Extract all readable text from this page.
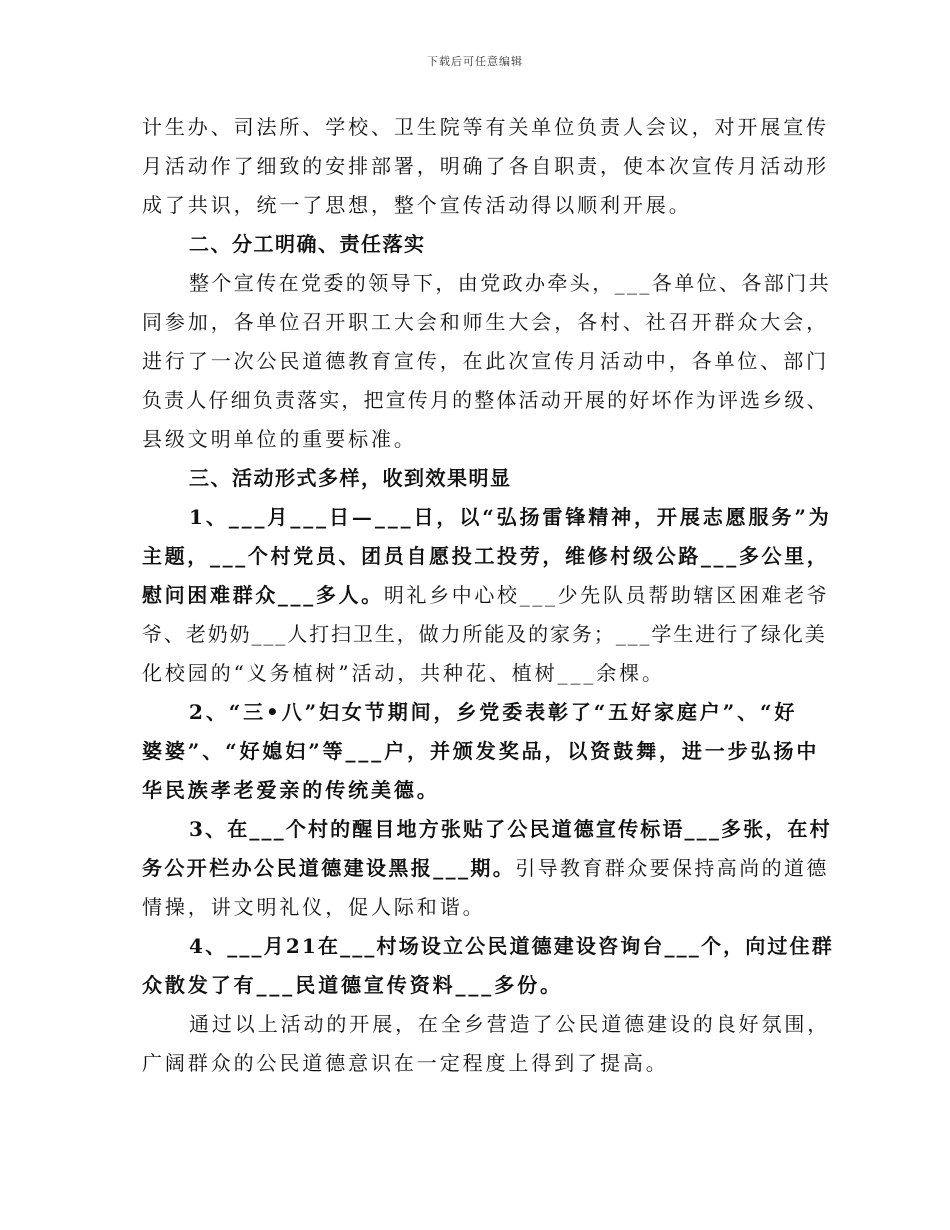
下载后可任意编辑
计生办、司法所、学校、卫生院等有关单位负责人会议，对开展宣传
月活动作了细致的安排部署，明确了各自职责，使本次宣传月活动形
成了共识，统一了思想，整个宣传活动得以顺利开展。
二、分工明确、责任落实
整个宣传在党委的领导下，由党政办牵头，___各单位、各部门共
同参加，各单位召开职工大会和师生大会，各村、社召开群众大会，
进行了一次公民道德教育宣传，在此次宣传月活动中，各单位、部门
负责人仔细负责落实，把宣传月的整体活动开展的好坏作为评选乡级、
县级文明单位的重要标准。
三、活动形式多样，收到效果明显
1、___月___日—___日，以“弘扬雷锋精神，开展志愿服务”为
主题，___个村党员、团员自愿投工投劳，维修村级公路___多公里，
慰问困难群众___多人。明礼乡中心校___少先队员帮助辖区困难老爷
爷、老奶奶___人打扫卫生，做力所能及的家务；___学生进行了绿化美
化校园的“义务植树”活动，共种花、植树___余棵。
2、“三•八”妇女节期间，乡党委表彰了“五好家庭户”、“好
婆婆”、“好媳妇”等___户，并颁发奖品，以资鼓舞，进一步弘扬中
华民族孝老爱亲的传统美德。
3、在___个村的醒目地方张贴了公民道德宣传标语___多张，在村
务公开栏办公民道德建设黑报___期。引导教育群众要保持高尚的道德
情操，讲文明礼仪，促人际和谐。
4、___月21在___村场设立公民道德建设咨询台___个，向过住群
众散发了有___民道德宣传资料___多份。
通过以上活动的开展，在全乡营造了公民道德建设的良好氛围，
广阔群众的公民道德意识在一定程度上得到了提高。
